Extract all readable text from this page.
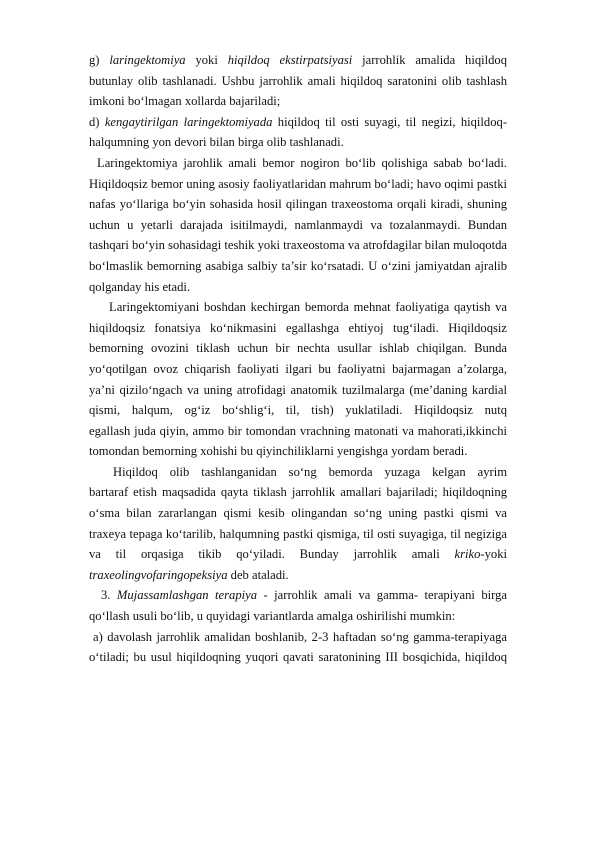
g) laringektomiya yoki hiqildoq ekstirpatsiyasi jarrohlik amalida hiqildoq
butunlay olib tashlanadi. Ushbu jarrohlik amali hiqildoq saratonini olib tashlash
imkoni bo‘lmagan xollarda bajariladi;
d) kengaytirilgan laringektomiyada hiqildoq til osti suyagi, til negizi, hiqildoq-
halqumning yon devori bilan birga olib tashlanadi.
Laringektomiya jarohlik amali bemor nogiron bo‘lib qolishiga sabab bo‘ladi.
Hiqildoqsiz bemor uning asosiy faoliyatlaridan mahrum bo‘ladi; havo oqimi pastki
nafas yo‘llariga bo‘yin sohasida hosil qilingan traxeostoma orqali kiradi, shuning
uchun u yetarli darajada isitilmaydi, namlanmaydi va tozalanmaydi. Bundan
tashqari bo‘yin sohasidagi teshik yoki traxeostoma va atrofdagilar bilan muloqotda
bo‘lmaslik bemorning asabiga salbiy ta’sir ko‘rsatadi. U o‘zini jamiyatdan ajralib
qolganday his etadi.
Laringektomiyani boshdan kechirgan bemorda mehnat faoliyatiga qaytish va
hiqildoqsiz fonatsiya ko‘nikmasini egallashga ehtiyoj tug‘iladi. Hiqildoqsiz
bemorning ovozini tiklash uchun bir nechta usullar ishlab chiqilgan. Bunda
yo‘qotilgan ovoz chiqarish faoliyati ilgari bu faoliyatni bajarmagan a’zolarga,
ya’ni qizilo‘ngach va uning atrofidagi anatomik tuzilmalarga (me’daning kardial
qismi, halqum, og‘iz bo‘shlig‘i, til, tish) yuklatiladi. Hiqildoqsiz nutq
egallash juda qiyin, ammo bir tomondan vrachning matonati va mahorati,ikkinchi
tomondan bemorning xohishi bu qiyinchiliklarni yengishga yordam beradi.
Hiqildoq olib tashlanganidan so‘ng bemorda yuzaga kelgan ayrim
bartaraf etish maqsadida qayta tiklash jarrohlik amallari bajariladi; hiqildoqning
o‘sma bilan zararlangan qismi kesib olingandan so‘ng uning pastki qismi va
traxeya tepaga ko‘tarilib, halqumning pastki qismiga, til osti suyagiga, til negiziga
va til orqasiga tikib qo‘yiladi. Bunday jarrohlik amali kriko-yoki
traxeolingvofaringopeksiya deb ataladi.
3. Mujassamlashgan terapiya - jarrohlik amali va gamma- terapiyani birga
qo‘llash usuli bo‘lib, u quyidagi variantlarda amalga oshirilishi mumkin:
a) davolash jarrohlik amalidan boshlanib, 2-3 haftadan so‘ng gamma-terapiyaga
o‘tiladi; bu usul hiqildoqning yuqori qavati saratonining III bosqichida, hiqildoq
